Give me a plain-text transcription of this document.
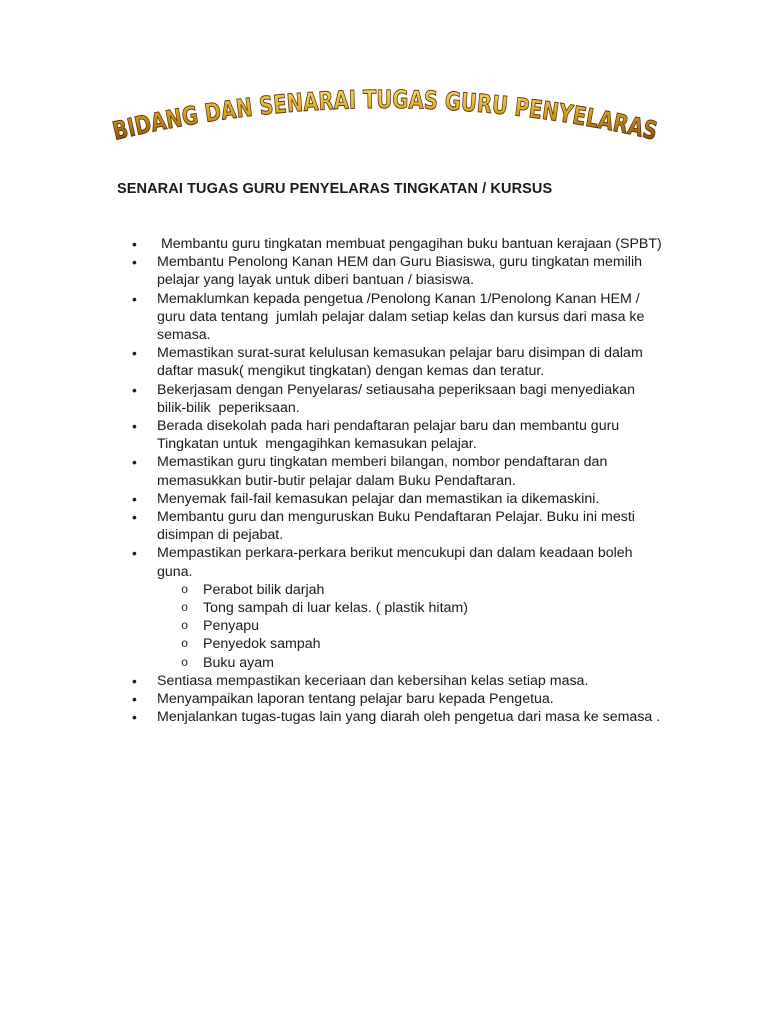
BIDANG DAN SENARAI TUGAS GURU PENYELARAS
SENARAI TUGAS GURU PENYELARAS TINGKATAN / KURSUS
• Membantu guru tingkatan membuat pengagihan buku bantuan kerajaan (SPBT)
• Membantu Penolong Kanan HEM dan Guru Biasiswa, guru tingkatan memilih pelajar yang layak untuk diberi bantuan / biasiswa.
• Memaklumkan kepada pengetua /Penolong Kanan 1/Penolong Kanan HEM / guru data tentang  jumlah pelajar dalam setiap kelas dan kursus dari masa ke semasa.
• Memastikan surat-surat kelulusan kemasukan pelajar baru disimpan di dalam daftar masuk( mengikut tingkatan) dengan kemas dan teratur.
• Bekerjasam dengan Penyelaras/ setiausaha peperiksaan bagi menyediakan bilik-bilik  peperiksaan.
• Berada disekolah pada hari pendaftaran pelajar baru dan membantu guru Tingkatan untuk  mengagihkan kemasukan pelajar.
• Memastikan guru tingkatan memberi bilangan, nombor pendaftaran dan memasukkan butir-butir pelajar dalam Buku Pendaftaran.
• Menyemak fail-fail kemasukan pelajar dan memastikan ia dikemaskini.
• Membantu guru dan menguruskan Buku Pendaftaran Pelajar. Buku ini mesti disimpan di pejabat.
• Mempastikan perkara-perkara berikut mencukupi dan dalam keadaan boleh guna.
o Perabot bilik darjah
o Tong sampah di luar kelas. ( plastik hitam)
o Penyapu
o Penyedok sampah
o Buku ayam
• Sentiasa mempastikan keceriaan dan kebersihan kelas setiap masa.
• Menyampaikan laporan tentang pelajar baru kepada Pengetua.
• Menjalankan tugas-tugas lain yang diarah oleh pengetua dari masa ke semasa .
